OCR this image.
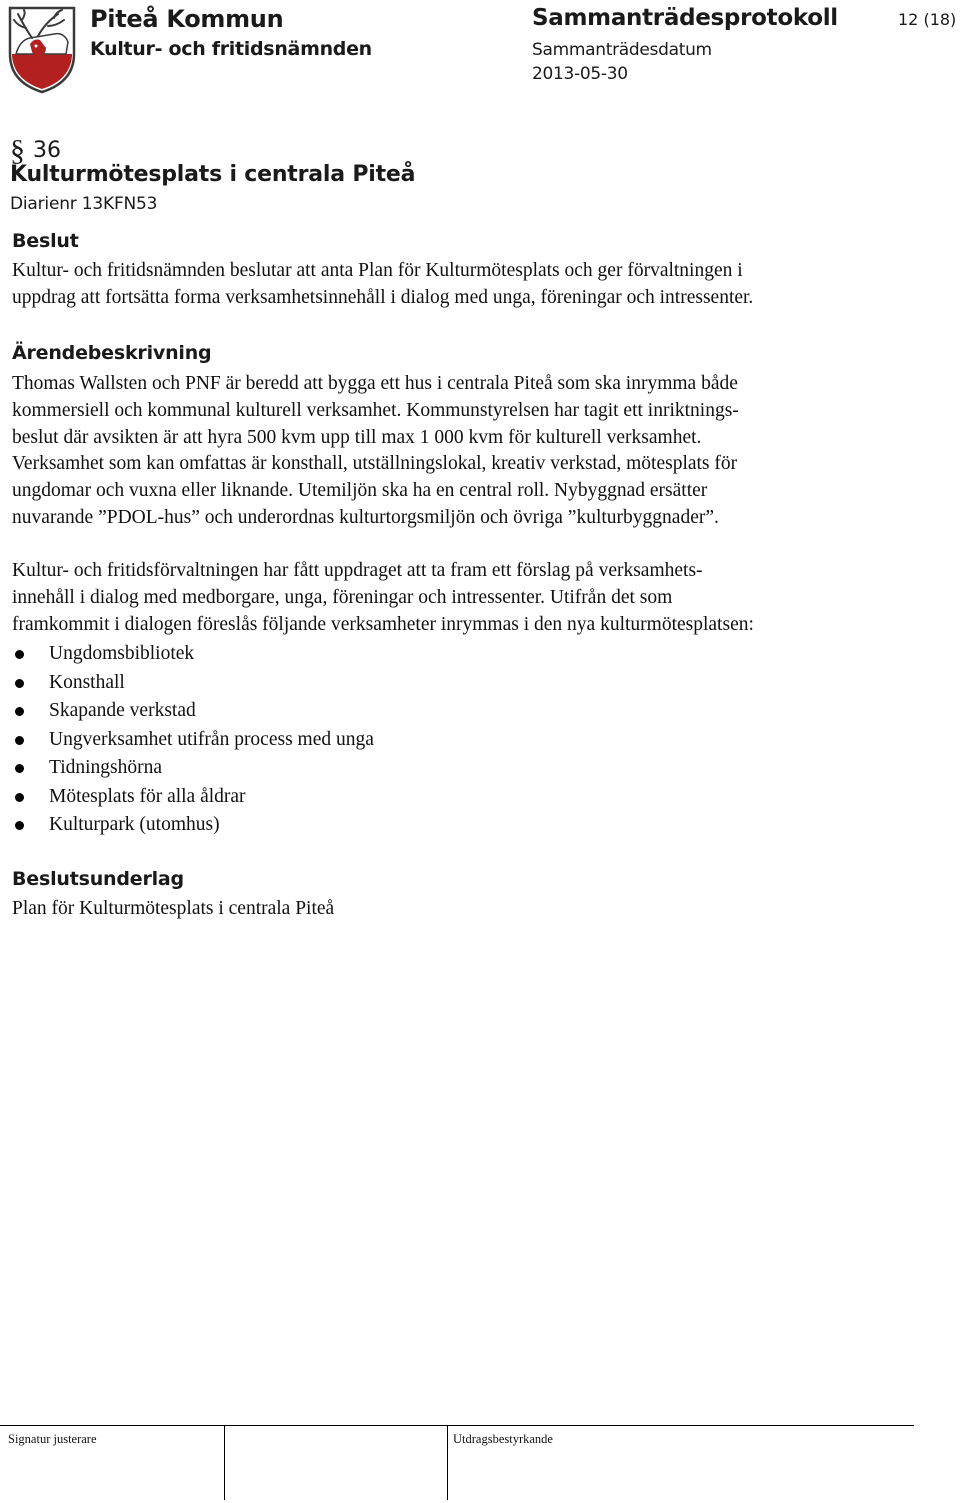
Piteå Kommun
Kultur- och fritidsnämnden
Sammanträdesprotokoll
Sammanträdesdatum
2013-05-30
12 (18)
§ 36
Kulturmötesplats i centrala Piteå
Diarienr 13KFN53
Beslut
Kultur- och fritidsnämnden beslutar att anta Plan för Kulturmötesplats och ger förvaltningen i
uppdrag att fortsätta forma verksamhetsinnehåll i dialog med unga, föreningar och intressenter.
Ärendebeskrivning
Thomas Wallsten och PNF är beredd att bygga ett hus i centrala Piteå som ska inrymma både
kommersiell och kommunal kulturell verksamhet. Kommunstyrelsen har tagit ett inriktnings-
beslut där avsikten är att hyra 500 kvm upp till max 1 000 kvm för kulturell verksamhet.
Verksamhet som kan omfattas är konsthall, utställningslokal, kreativ verkstad, mötesplats för
ungdomar och vuxna eller liknande. Utemiljön ska ha en central roll. Nybyggnad ersätter
nuvarande ”PDOL-hus” och underordnas kulturtorgsmiljön och övriga ”kulturbyggnader”.
Kultur- och fritidsförvaltningen har fått uppdraget att ta fram ett förslag på verksamhets-
innehåll i dialog med medborgare, unga, föreningar och intressenter. Utifrån det som
framkommit i dialogen föreslås följande verksamheter inrymmas i den nya kulturmötesplatsen:
Ungdomsbibliotek
Konsthall
Skapande verkstad
Ungverksamhet utifrån process med unga
Tidningshörna
Mötesplats för alla åldrar
Kulturpark (utomhus)
Beslutsunderlag
Plan för Kulturmötesplats i centrala Piteå
Signatur justerare	Utdragsbestyrkande
